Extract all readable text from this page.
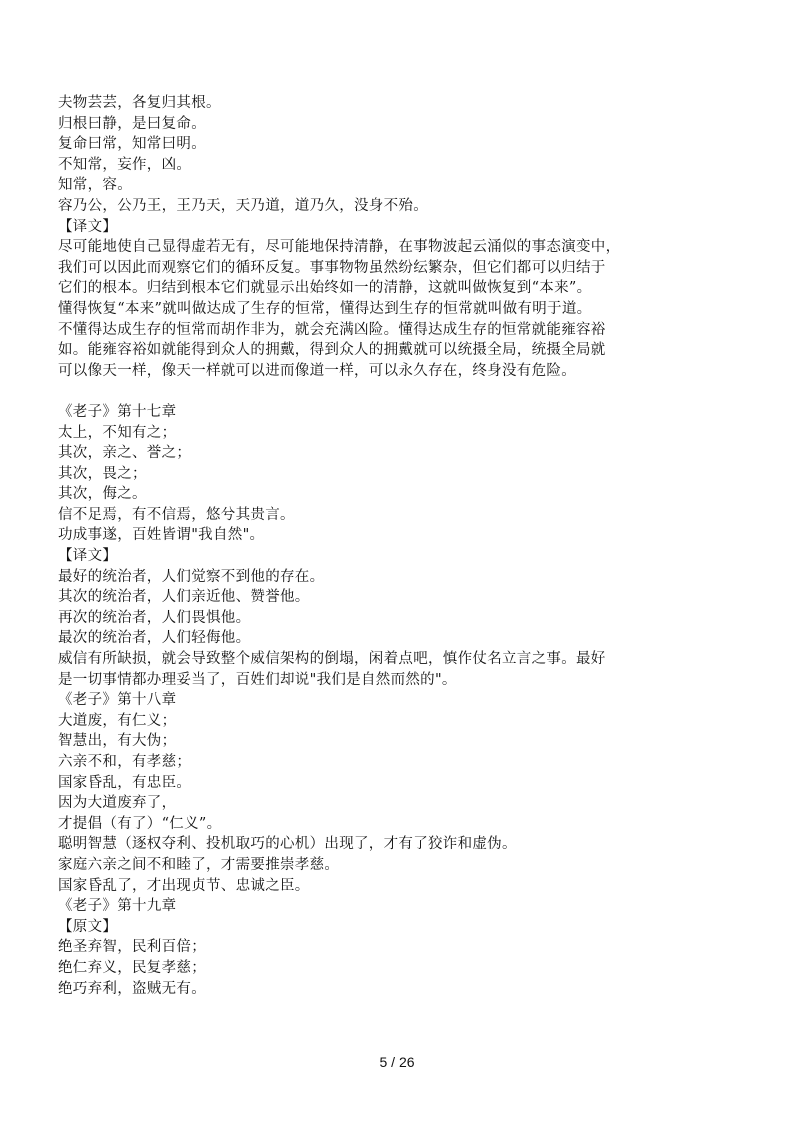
夫物芸芸，各复归其根。
归根曰静，是曰复命。
复命曰常，知常曰明。
不知常，妄作，凶。
知常，容。
容乃公，公乃王，王乃天，天乃道，道乃久，没身不殆。
【译文】
尽可能地使自己显得虚若无有，尽可能地保持清静，在事物波起云涌似的事态演变中，
我们可以因此而观察它们的循环反复。事事物物虽然纷纭繁杂，但它们都可以归结于
它们的根本。归结到根本它们就显示出始终如一的清静，这就叫做恢复到“本来”。
懂得恢复“本来”就叫做达成了生存的恒常，懂得达到生存的恒常就叫做有明于道。
不懂得达成生存的恒常而胡作非为，就会充满凶险。懂得达成生存的恒常就能雍容裕
如。能雍容裕如就能得到众人的拥戴，得到众人的拥戴就可以统摄全局，统摄全局就
可以像天一样，像天一样就可以进而像道一样，可以永久存在，终身没有危险。
《老子》第十七章
太上，不知有之；
其次，亲之、誉之；
其次，畏之；
其次，侮之。
信不足焉，有不信焉，悠兮其贵言。
功成事遂，百姓皆谓"我自然"。
【译文】
最好的统治者，人们觉察不到他的存在。
其次的统治者，人们亲近他、赞誉他。
再次的统治者，人们畏惧他。
最次的统治者，人们轻侮他。
威信有所缺损，就会导致整个威信架构的倒塌，闲着点吧，慎作仗名立言之事。最好
是一切事情都办理妥当了，百姓们却说"我们是自然而然的"。
《老子》第十八章
大道废，有仁义；
智慧出，有大伪；
六亲不和，有孝慈；
国家昏乱，有忠臣。
因为大道废弃了，
才提倡（有了）“仁义”。
聪明智慧（逐权夺利、投机取巧的心机）出现了，才有了狡诈和虚伪。
家庭六亲之间不和睦了，才需要推崇孝慈。
国家昏乱了，才出现贞节、忠诚之臣。
《老子》第十九章
【原文】
绝圣弃智，民利百倍；
绝仁弃义，民复孝慈；
绝巧弃利，盗贼无有。
5 / 26
